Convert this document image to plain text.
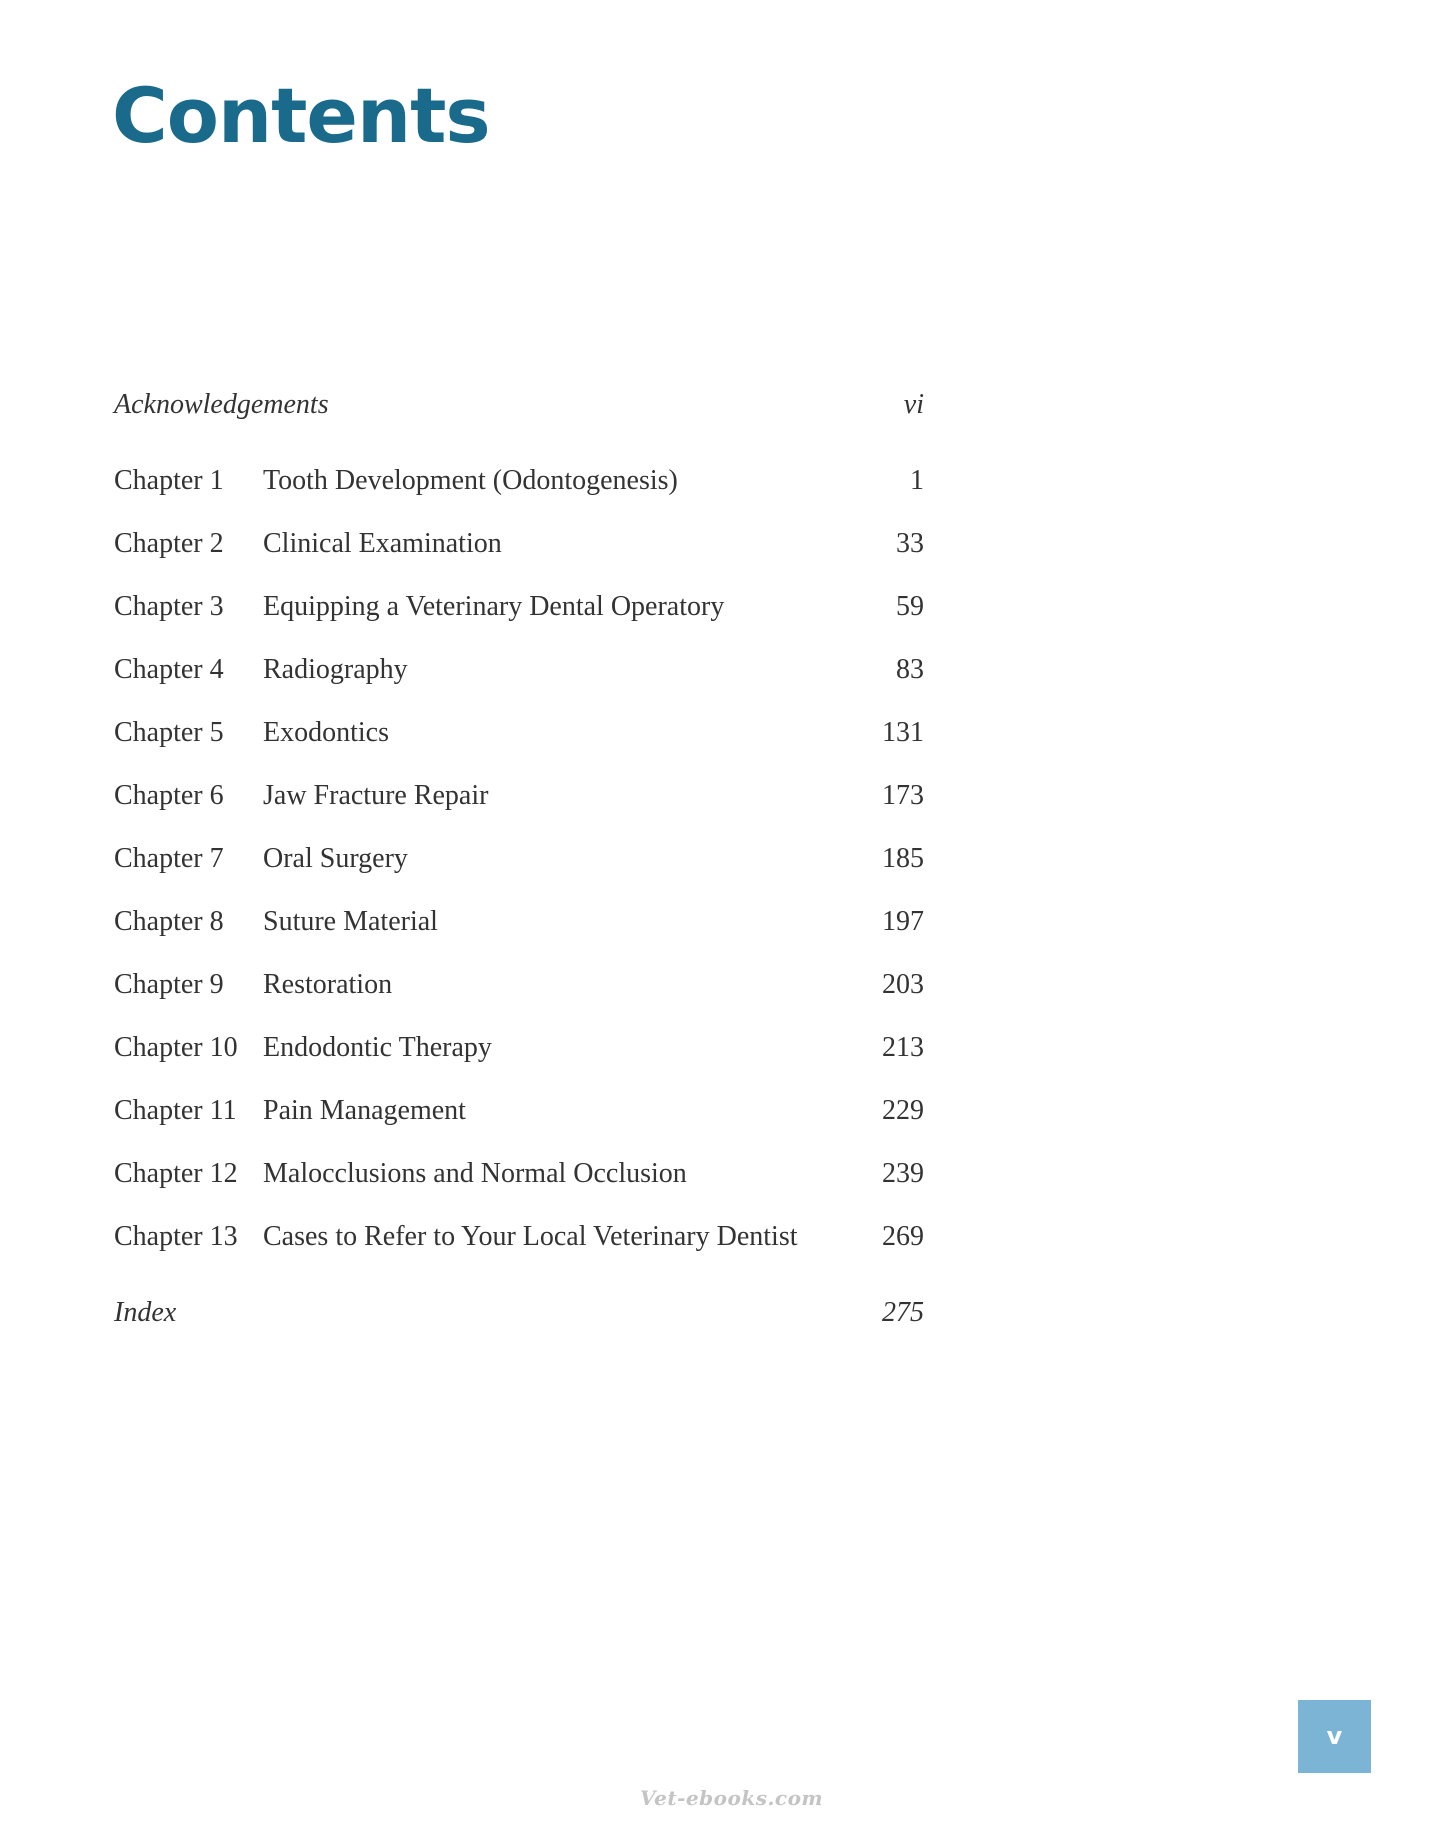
Contents
Acknowledgements	vi
Chapter 1 Tooth Development (Odontogenesis)	1
Chapter 2 Clinical Examination	33
Chapter 3 Equipping a Veterinary Dental Operatory	59
Chapter 4 Radiography	83
Chapter 5 Exodontics	131
Chapter 6 Jaw Fracture Repair	173
Chapter 7 Oral Surgery	185
Chapter 8 Suture Material	197
Chapter 9 Restoration	203
Chapter 10 Endodontic Therapy	213
Chapter 11 Pain Management	229
Chapter 12 Malocclusions and Normal Occlusion	239
Chapter 13 Cases to Refer to Your Local Veterinary Dentist	269
Index	275
v
Vet-ebooks.com
